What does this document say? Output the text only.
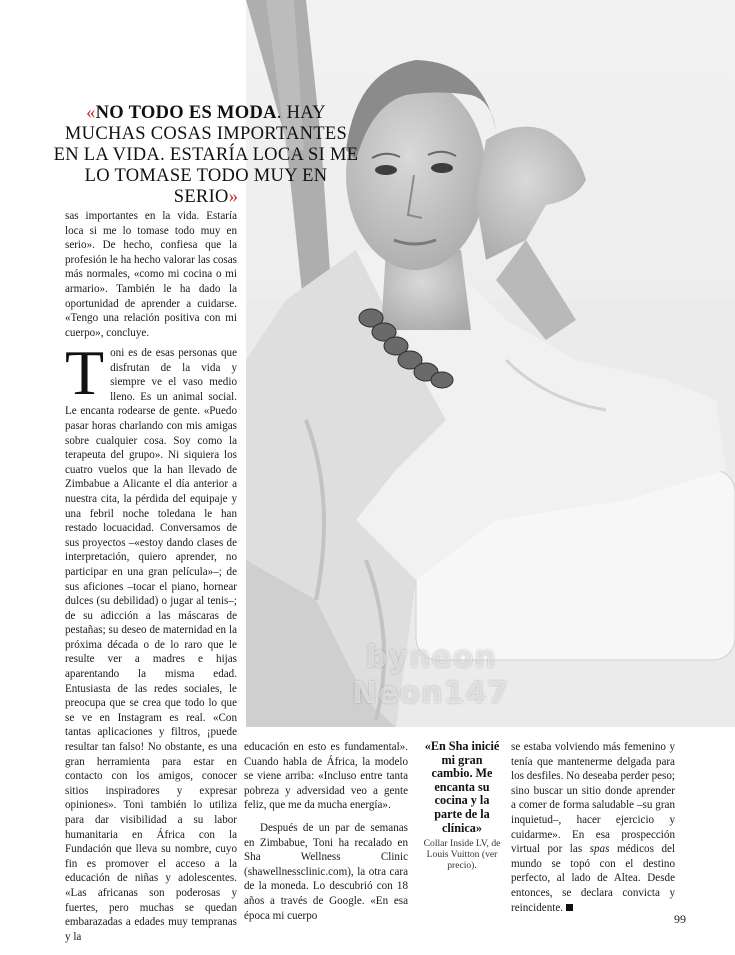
byneon
Neon147
«NO TODO ES MODA. HAY MUCHAS COSAS IMPORTANTES EN LA VIDA. ESTARÍA LOCA SI ME LO TOMASE TODO MUY EN SERIO»

sas importantes en la vida. Estaría loca si me lo tomase todo muy en serio». De hecho, confiesa que la profesión le ha hecho valorar las cosas más normales, «como mi cocina o mi armario». También le ha dado la oportunidad de aprender a cuidarse. «Tengo una relación positiva con mi cuerpo», concluye.

Toni es de esas personas que disfrutan de la vida y siempre ve el vaso medio lleno. Es un animal social. Le encanta rodearse de gente. «Puedo pasar horas charlando con mis amigas sobre cualquier cosa. Soy como la terapeuta del grupo». Ni siquiera los cuatro vuelos que la han llevado de Zimbabue a Alicante el día anterior a nuestra cita, la pérdida del equipaje y una febril noche toledana le han restado locuacidad. Conversamos de sus proyectos –«estoy dando clases de interpretación, quiero aprender, no participar en una gran película»–; de sus aficiones –tocar el piano, hornear dulces (su debilidad) o jugar al tenis–; de su adicción a las máscaras de pestañas; su deseo de maternidad en la próxima década o de lo raro que le resulte ver a madres e hijas aparentando la misma edad. Entusiasta de las redes sociales, le preocupa que se crea que todo lo que se ve en Instagram es real. «Con tantas aplicaciones y filtros, ¡puede resultar tan falso! No obstante, es una gran herramienta para estar en contacto con los amigos, conocer sitios inspiradores y expresar opiniones». Toni también lo utiliza para dar visibilidad a su labor humanitaria en África con la Fundación que lleva su nombre, cuyo fin es promover el acceso a la educación de niñas y adolescentes. «Las africanas son poderosas y fuertes, pero muchas se quedan embarazadas a edades muy tempranas y la

educación en esto es fundamental». Cuando habla de África, la modelo se viene arriba: «Incluso entre tanta pobreza y adversidad veo a gente feliz, que me da mucha energía».

Después de un par de semanas en Zimbabue, Toni ha recalado en Sha Wellness Clinic (shawellnessclinic.com), la otra cara de la moneda. Lo descubrió con 18 años a través de Google. «En esa época mi cuerpo

«En Sha inicié mi gran cambio. Me encanta su cocina y la parte de la clínica»
Collar Inside LV, de Louis Vuitton (ver precio).

se estaba volviendo más femenino y tenía que mantenerme delgada para los desfiles. No deseaba perder peso; sino buscar un sitio donde aprender a comer de forma saludable –su gran inquietud–, hacer ejercicio y cuidarme». En esa prospección virtual por las spas médicos del mundo se topó con el destino perfecto, al lado de Altea. Desde entonces, se declara convicta y reincidente.

99
